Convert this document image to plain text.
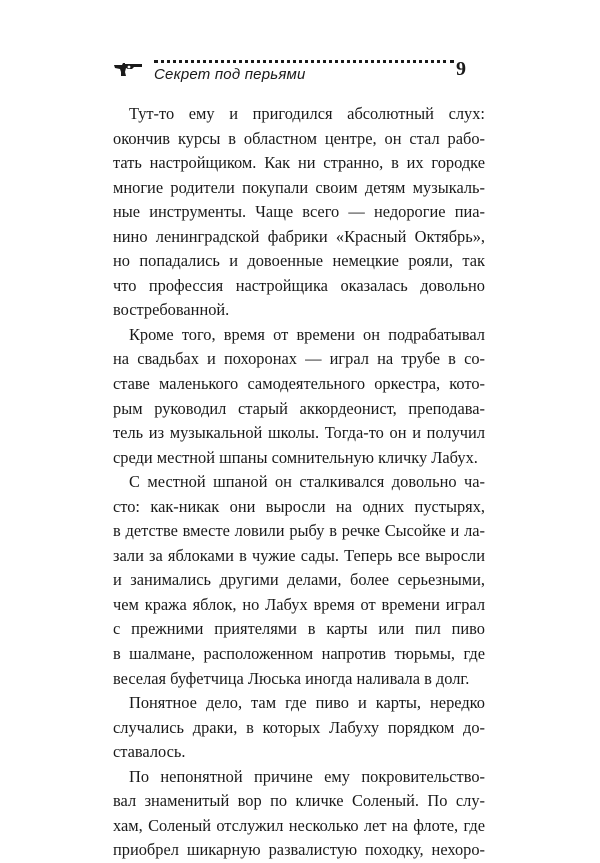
Секрет под перьями	9
Тут-то ему и пригодился абсолютный слух:
окончив курсы в областном центре, он стал рабо-
тать настройщиком. Как ни странно, в их городке
многие родители покупали своим детям музыкаль-
ные инструменты. Чаще всего — недорогие пиа-
нино ленинградской фабрики «Красный Октябрь»,
но попадались и довоенные немецкие рояли, так
что профессия настройщика оказалась довольно
востребованной.
Кроме того, время от времени он подрабатывал
на свадьбах и похоронах — играл на трубе в со-
ставе маленького самодеятельного оркестра, кото-
рым руководил старый аккордеонист, преподава-
тель из музыкальной школы. Тогда-то он и получил
среди местной шпаны сомнительную кличку Лабух.
С местной шпаной он сталкивался довольно ча-
сто: как-никак они выросли на одних пустырях,
в детстве вместе ловили рыбу в речке Сысойке и ла-
зали за яблоками в чужие сады. Теперь все выросли
и занимались другими делами, более серьезными,
чем кража яблок, но Лабух время от времени играл
с прежними приятелями в карты или пил пиво
в шалмане, расположенном напротив тюрьмы, где
веселая буфетчица Люська иногда наливала в долг.
Понятное дело, там где пиво и карты, нередко
случались драки, в которых Лабуху порядком до-
ставалось.
По непонятной причине ему покровительство-
вал знаменитый вор по кличке Соленый. По слу-
хам, Соленый отслужил несколько лет на флоте, где
приобрел шикарную развалистую походку, нехоро-
